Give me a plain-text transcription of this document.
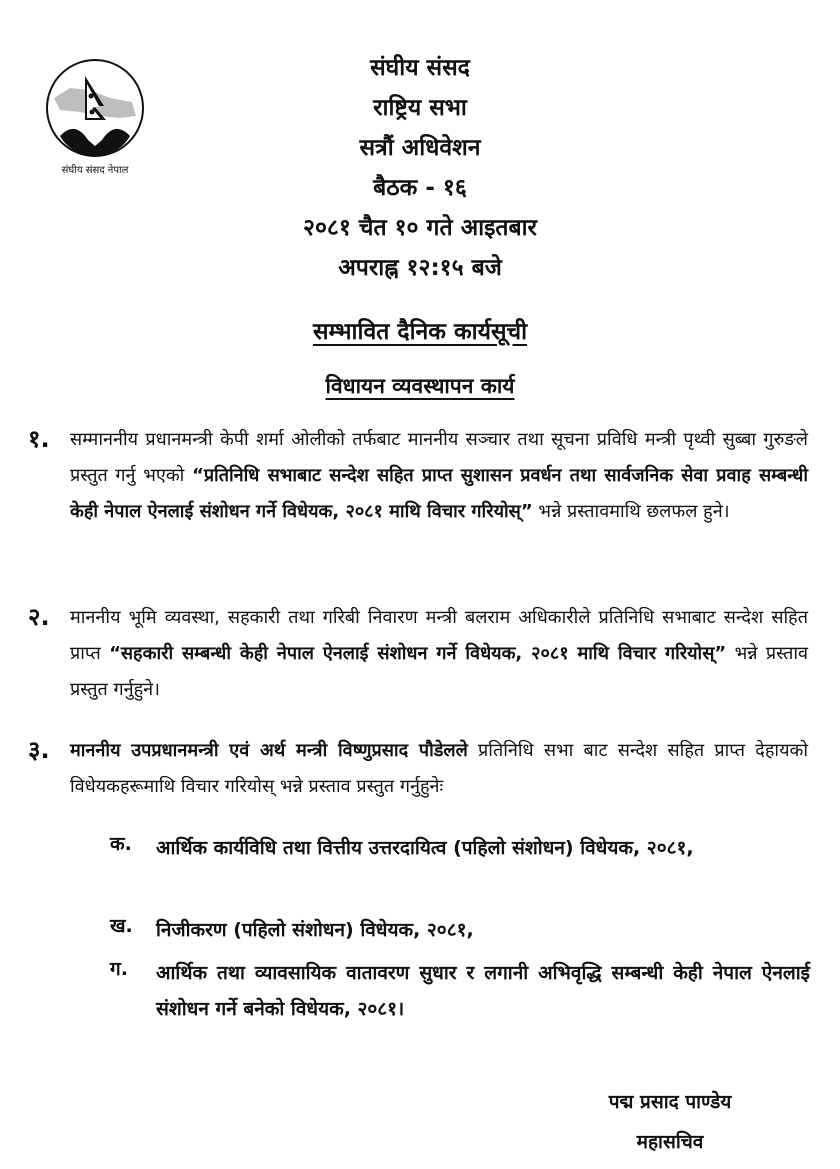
संघीय संसद नेपाल
संघीय संसद
राष्ट्रिय सभा
सत्रौं अधिवेशन
बैठक - १६
२०८१ चैत १० गते आइतबार
अपराह्न १२:१५ बजे
सम्भावित दैनिक कार्यसूची
विधायन व्यवस्थापन कार्य
१. सम्माननीय प्रधानमन्त्री केपी शर्मा ओलीको तर्फबाट माननीय सञ्चार तथा सूचना प्रविधि मन्त्री पृथ्वी सुब्बा गुरुङले प्रस्तुत गर्नु भएको “प्रतिनिधि सभाबाट सन्देश सहित प्राप्त सुशासन प्रवर्धन तथा सार्वजनिक सेवा प्रवाह सम्बन्धी केही नेपाल ऐनलाई संशोधन गर्ने विधेयक, २०८१ माथि विचार गरियोस्” भन्ने प्रस्तावमाथि छलफल हुने।
२. माननीय भूमि व्यवस्था, सहकारी तथा गरिबी निवारण मन्त्री बलराम अधिकारीले प्रतिनिधि सभाबाट सन्देश सहित प्राप्त “सहकारी सम्बन्धी केही नेपाल ऐनलाई संशोधन गर्ने विधेयक, २०८१ माथि विचार गरियोस्” भन्ने प्रस्ताव प्रस्तुत गर्नुहुने।
३. माननीय उपप्रधानमन्त्री एवं अर्थ मन्त्री विष्णुप्रसाद पौडेलले प्रतिनिधि सभा बाट सन्देश सहित प्राप्त देहायको विधेयकहरूमाथि विचार गरियोस् भन्ने प्रस्ताव प्रस्तुत गर्नुहुनेः
क. आर्थिक कार्यविधि तथा वित्तीय उत्तरदायित्व (पहिलो संशोधन) विधेयक, २०८१,
ख. निजीकरण (पहिलो संशोधन) विधेयक, २०८१,
ग. आर्थिक तथा व्यावसायिक वातावरण सुधार र लगानी अभिवृद्धि सम्बन्धी केही नेपाल ऐनलाई संशोधन गर्ने बनेको विधेयक, २०८१।
पद्म प्रसाद पाण्डेय
महासचिव
